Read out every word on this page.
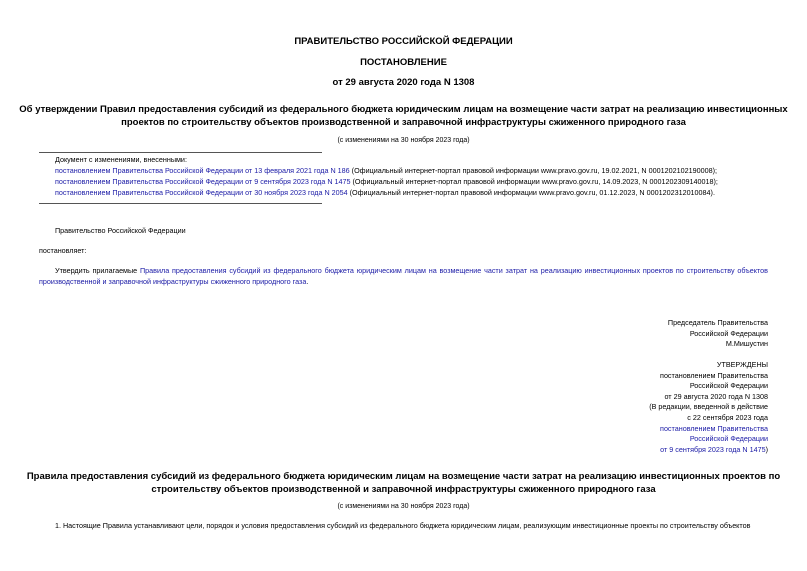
ПРАВИТЕЛЬСТВО РОССИЙСКОЙ ФЕДЕРАЦИИ
ПОСТАНОВЛЕНИЕ
от 29 августа 2020 года N 1308
Об утверждении Правил предоставления субсидий из федерального бюджета юридическим лицам на возмещение части затрат на реализацию инвестиционных
проектов по строительству объектов производственной и заправочной инфраструктуры сжиженного природного газа
(с изменениями на 30 ноября 2023 года)
Документ с изменениями, внесенными:
постановлением Правительства Российской Федерации от 13 февраля 2021 года N 186 (Официальный интернет-портал правовой информации www.pravo.gov.ru, 19.02.2021, N 0001202102190008);
постановлением Правительства Российской Федерации от 9 сентября 2023 года N 1475 (Официальный интернет-портал правовой информации www.pravo.gov.ru, 14.09.2023, N 0001202309140018);
постановлением Правительства Российской Федерации от 30 ноября 2023 года N 2054 (Официальный интернет-портал правовой информации www.pravo.gov.ru, 01.12.2023, N 0001202312010084).
Правительство Российской Федерации
постановляет:
Утвердить прилагаемые Правила предоставления субсидий из федерального бюджета юридическим лицам на возмещение части затрат на реализацию инвестиционных проектов по строительству объектов производственной и заправочной инфраструктуры сжиженного природного газа.
Председатель Правительства
Российской Федерации
М.Мишустин
УТВЕРЖДЕНЫ
постановлением Правительства
Российской Федерации
от 29 августа 2020 года N 1308
(В редакции, введенной в действие
с 22 сентября 2023 года
постановлением Правительства
Российской Федерации
от 9 сентября 2023 года N 1475)
Правила предоставления субсидий из федерального бюджета юридическим лицам на возмещение части затрат на реализацию инвестиционных проектов по
строительству объектов производственной и заправочной инфраструктуры сжиженного природного газа
(с изменениями на 30 ноября 2023 года)
1. Настоящие Правила устанавливают цели, порядок и условия предоставления субсидий из федерального бюджета юридическим лицам, реализующим инвестиционные проекты по строительству объектов
